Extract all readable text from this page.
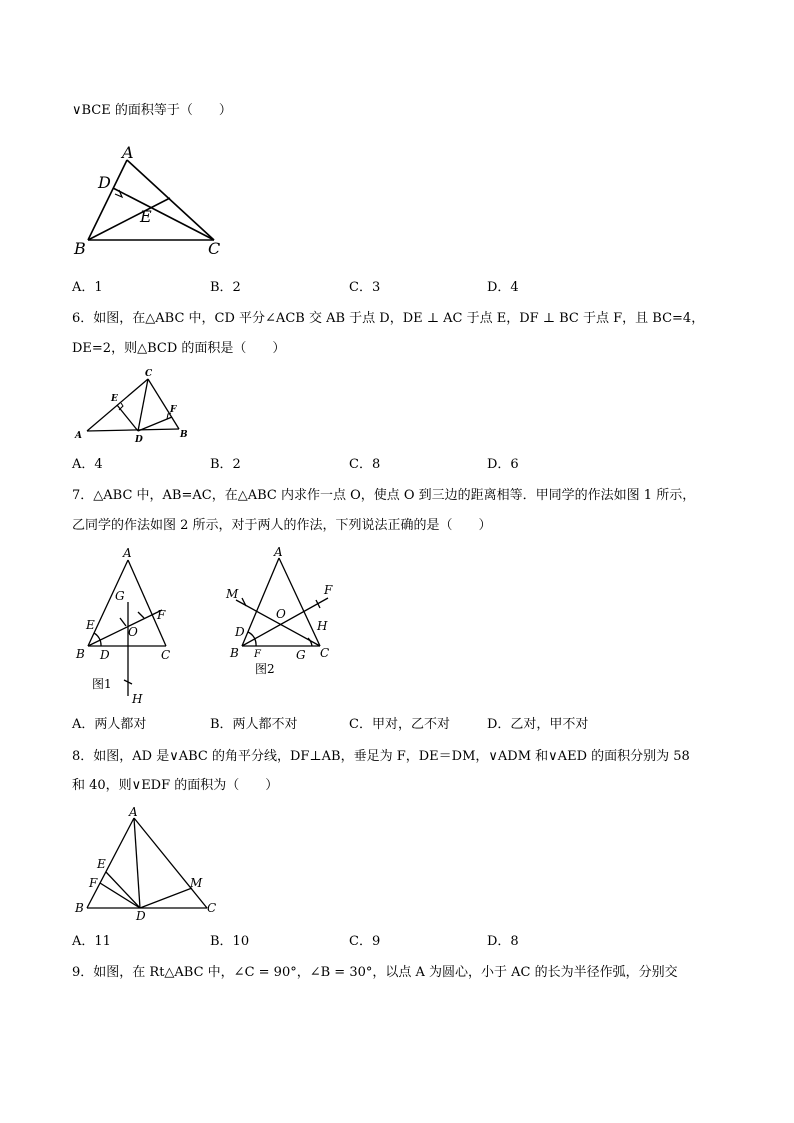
∨BCE 的面积等于（　　）
A
D
E
B	C
A．1	B．2	C．3	D．4
6．如图，在△ABC 中，CD 平分∠ACB 交 AB 于点 D，DE ⊥ AC 于点 E，DF ⊥ BC 于点 F，且 BC=4，
DE=2，则△BCD 的面积是（　　）
C
E
F
A	D	B
A．4	B．2	C．8	D．6
7．△ABC 中，AB=AC，在△ABC 内求作一点 O，使点 O 到三边的距离相等．甲同学的作法如图 1 所示，
乙同学的作法如图 2 所示，对于两人的作法，下列说法正确的是（　　）
A
G
F
O
E
B D	C
H
图1
A
M	F
O
H
D
B F	G C
图2
A．两人都对	B．两人都不对	C．甲对，乙不对	D．乙对，甲不对
8．如图，AD 是∨ABC 的角平分线，DF⊥AB，垂足为 F，DE＝DM，∨ADM 和∨AED 的面积分别为 58
和 40，则∨EDF 的面积为（　　）
A
E
F	M
B
D
C
A．11	B．10	C．9	D．8
9．如图，在 Rt△ABC 中，∠C = 90°，∠B = 30°，以点 A 为圆心，小于 AC 的长为半径作弧，分别交
